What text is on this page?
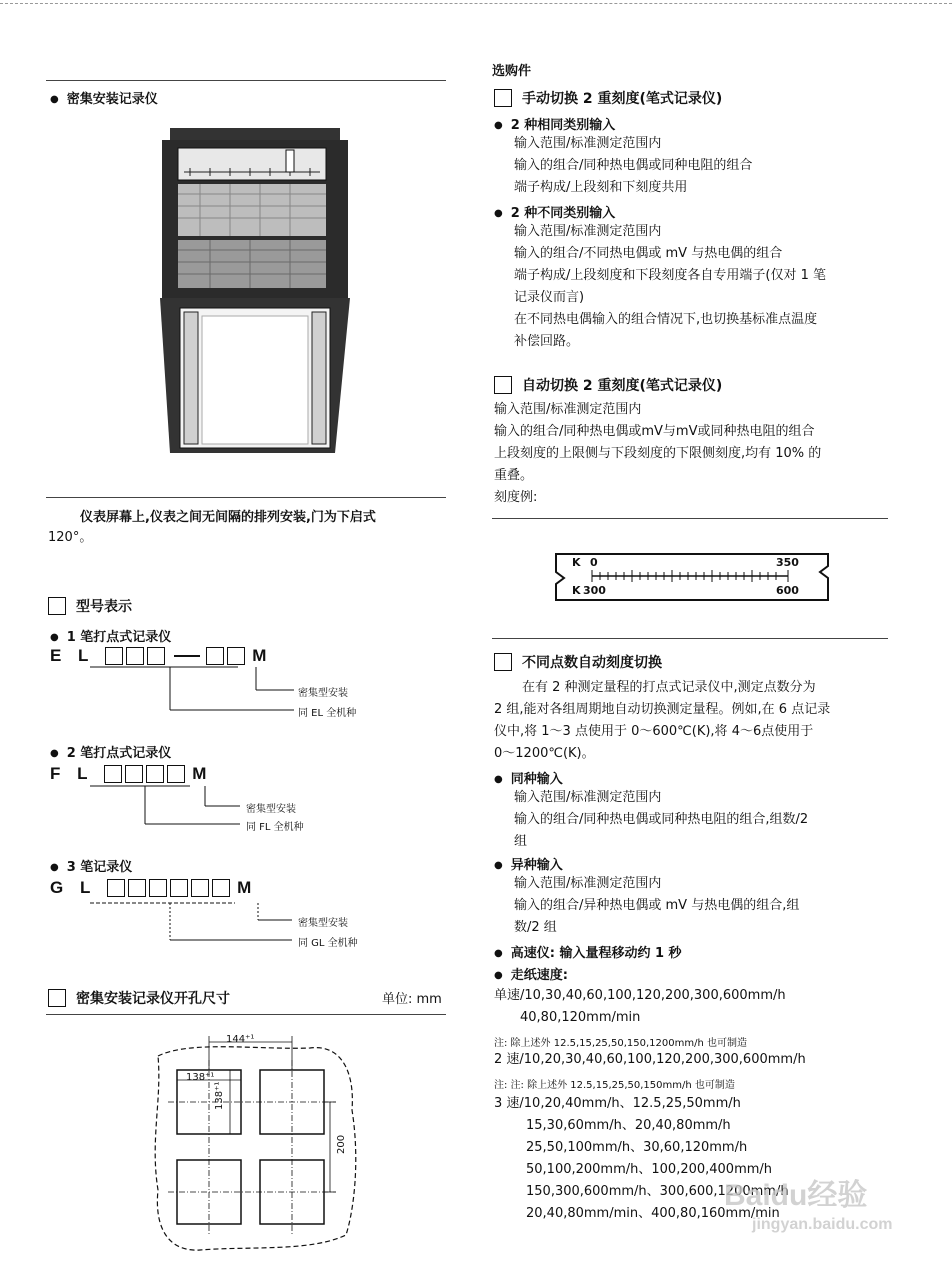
● 密集安装记录仪
仪表屏幕上,仪表之间无间隔的排列安装,门为下启式
120°。
型号表示
● 1 笔打点式记录仪
E L
	M
密集型安装
同 EL 全机种
● 2 笔打点式记录仪
F L
	M
密集型安装
同 FL 全机种
● 3 笔记录仪
G L
	M
密集型安装
同 GL 全机种
密集安装记录仪开孔尺寸	单位: mm
144⁺¹
138⁺¹
138⁺¹
200
选购件
手动切换 2 重刻度(笔式记录仪)
● 2 种相同类别输入
输入范围/标准测定范围内
输入的组合/同种热电偶或同种电阻的组合
端子构成/上段刻和下刻度共用
● 2 种不同类别输入
输入范围/标准测定范围内
输入的组合/不同热电偶或 mV 与热电偶的组合
端子构成/上段刻度和下段刻度各自专用端子(仅对 1 笔
记录仪而言)
在不同热电偶输入的组合情况下,也切换基标准点温度
补偿回路。
自动切换 2 重刻度(笔式记录仪)
输入范围/标准测定范围内
输入的组合/同种热电偶或mV与mV或同种热电阻的组合
上段刻度的上限侧与下段刻度的下限侧刻度,均有 10% 的
重叠。
刻度例:
K 0	350
K 300	600
不同点数自动刻度切换
在有 2 种测定量程的打点式记录仪中,测定点数分为
2 组,能对各组周期地自动切换测定量程。例如,在 6 点记录
仪中,将 1～3 点使用于 0～600℃(K),将 4～6点使用于
0～1200℃(K)。
● 同种输入
输入范围/标准测定范围内
输入的组合/同种热电偶或同种热电阻的组合,组数/2
组
● 异种输入
输入范围/标准测定范围内
输入的组合/异种热电偶或 mV 与热电偶的组合,组
数/2 组
● 高速仪: 输入量程移动约 1 秒
● 走纸速度:
单速/10,30,40,60,100,120,200,300,600mm/h
40,80,120mm/min
注: 除上述外 12.5,15,25,50,150,1200mm/h 也可制造
2 速/10,20,30,40,60,100,120,200,300,600mm/h
注: 注: 除上述外 12.5,15,25,50,150mm/h 也可制造
3 速/10,20,40mm/h、12.5,25,50mm/h
15,30,60mm/h、20,40,80mm/h
25,50,100mm/h、30,60,120mm/h
50,100,200mm/h、100,200,400mm/h
150,300,600mm/h、300,600,1200mm/h
20,40,80mm/min、400,80,160mm/min
Baidu经验
jingyan.baidu.com
